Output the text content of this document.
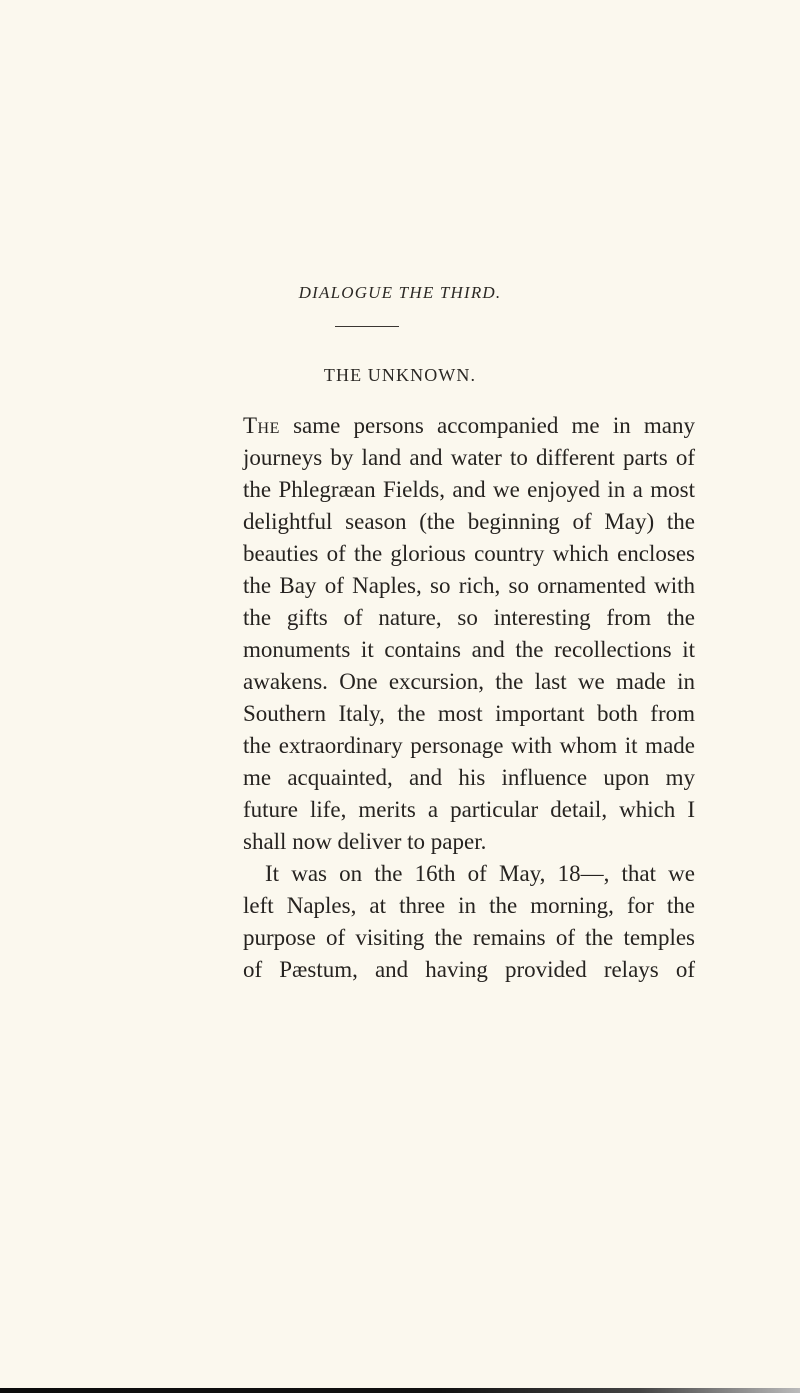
DIALOGUE THE THIRD.
THE UNKNOWN.
The same persons accompanied me in many
journeys by land and water to different parts of
the Phlegræan Fields, and we enjoyed in a most
delightful season (the beginning of May) the
beauties of the glorious country which encloses
the Bay of Naples, so rich, so ornamented with
the gifts of nature, so interesting from the
monuments it contains and the recollections it
awakens. One excursion, the last we made in
Southern Italy, the most important both from
the extraordinary personage with whom it made
me acquainted, and his influence upon my
future life, merits a particular detail, which I
shall now deliver to paper.
It was on the 16th of May, 18—, that we
left Naples, at three in the morning, for the
purpose of visiting the remains of the temples
of Pæstum, and having provided relays of
